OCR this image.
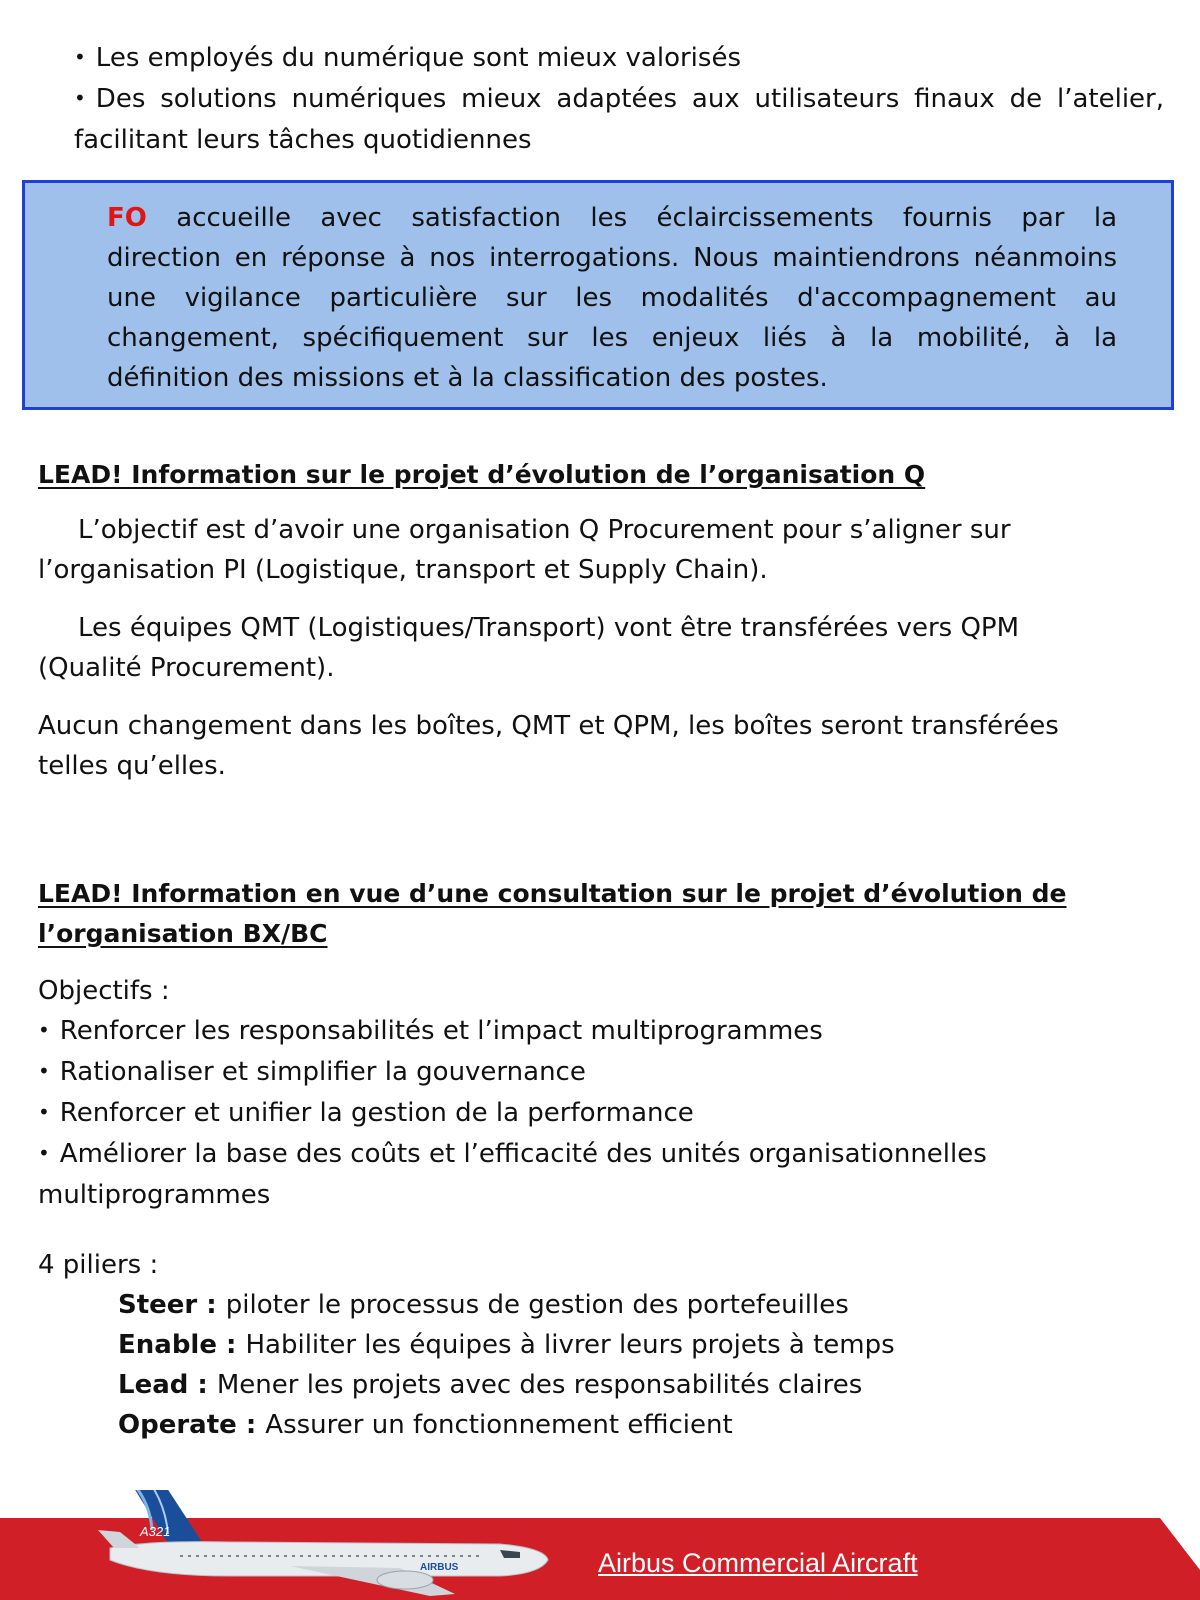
• Les employés du numérique sont mieux valorisés
• Des solutions numériques mieux adaptées aux utilisateurs finaux de l’atelier,
facilitant leurs tâches quotidiennes
FO accueille avec satisfaction les éclaircissements fournis par la
direction en réponse à nos interrogations. Nous maintiendrons néanmoins
une vigilance particulière sur les modalités d'accompagnement au
changement, spécifiquement sur les enjeux liés à la mobilité, à la
définition des missions et à la classification des postes.
LEAD! Information sur le projet d’évolution de l’organisation Q
L’objectif est d’avoir une organisation Q Procurement pour s’aligner sur
l’organisation PI (Logistique, transport et Supply Chain).
Les équipes QMT (Logistiques/Transport) vont être transférées vers QPM
(Qualité Procurement).
Aucun changement dans les boîtes, QMT et QPM, les boîtes seront transférées
telles qu’elles.
LEAD! Information en vue d’une consultation sur le projet d’évolution de
l’organisation BX/BC
Objectifs :
• Renforcer les responsabilités et l’impact multiprogrammes
• Rationaliser et simplifier la gouvernance
• Renforcer et unifier la gestion de la performance
• Améliorer la base des coûts et l’efficacité des unités organisationnelles
multiprogrammes
4 piliers :
Steer : piloter le processus de gestion des portefeuilles
Enable : Habiliter les équipes à livrer leurs projets à temps
Lead : Mener les projets avec des responsabilités claires
Operate : Assurer un fonctionnement efficient
A321
AIRBUS	Airbus Commercial Aircraft
